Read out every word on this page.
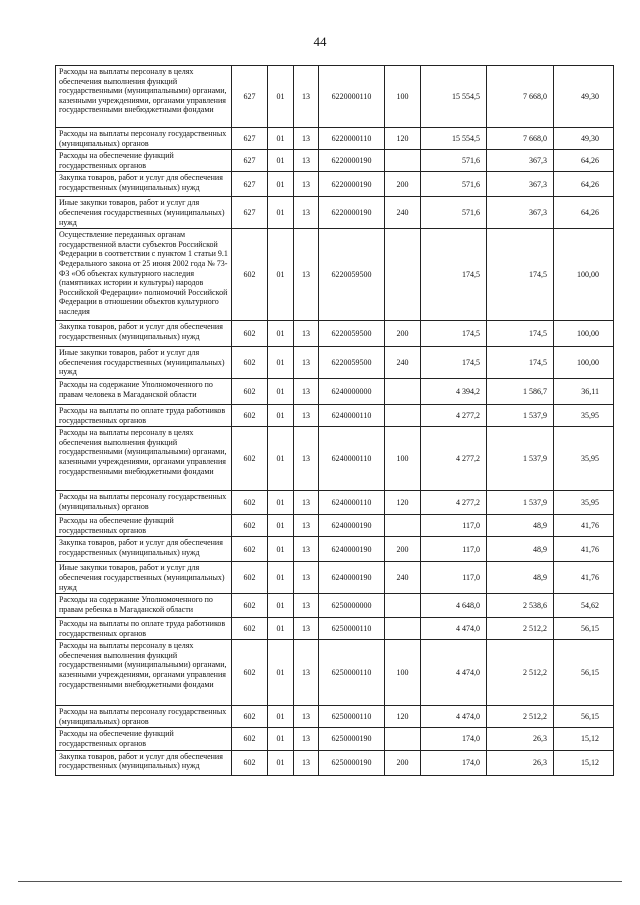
44
Расходы на выплаты персоналу в целях обеспечения выполнения функций государственными (муниципальными) органами, казенными учреждениями, органами управления государственными внебюджетными фондами	627	01	13	6220000110	100	15 554,5	7 668,0	49,30
Расходы на выплаты персоналу государственных (муниципальных) органов	627	01	13	6220000110	120	15 554,5	7 668,0	49,30
Расходы на обеспечение функций государственных органов	627	01	13	6220000190		571,6	367,3	64,26
Закупка товаров, работ и услуг для обеспечения государственных (муниципальных) нужд	627	01	13	6220000190	200	571,6	367,3	64,26
Иные закупки товаров, работ и услуг для обеспечения государственных (муниципальных) нужд	627	01	13	6220000190	240	571,6	367,3	64,26
Осуществление переданных органам государственной власти субъектов Российской Федерации в соответствии с пунктом 1 статьи 9.1 Федерального закона от 25 июня 2002 года № 73-ФЗ «Об объектах культурного наследия (памятниках истории и культуры) народов Российской Федерации» полномочий Российской Федерации в отношении объектов культурного наследия	602	01	13	6220059500		174,5	174,5	100,00
Закупка товаров, работ и услуг для обеспечения государственных (муниципальных) нужд	602	01	13	6220059500	200	174,5	174,5	100,00
Иные закупки товаров, работ и услуг для обеспечения государственных (муниципальных) нужд	602	01	13	6220059500	240	174,5	174,5	100,00
Расходы на содержание Уполномоченного по правам человека в Магаданской области	602	01	13	6240000000		4 394,2	1 586,7	36,11
Расходы на выплаты по оплате труда работников государственных органов	602	01	13	6240000110		4 277,2	1 537,9	35,95
Расходы на выплаты персоналу в целях обеспечения выполнения функций государственными (муниципальными) органами, казенными учреждениями, органами управления государственными внебюджетными фондами	602	01	13	6240000110	100	4 277,2	1 537,9	35,95
Расходы на выплаты персоналу государственных (муниципальных) органов	602	01	13	6240000110	120	4 277,2	1 537,9	35,95
Расходы на обеспечение функций государственных органов	602	01	13	6240000190		117,0	48,9	41,76
Закупка товаров, работ и услуг для обеспечения государственных (муниципальных) нужд	602	01	13	6240000190	200	117,0	48,9	41,76
Иные закупки товаров, работ и услуг для обеспечения государственных (муниципальных) нужд	602	01	13	6240000190	240	117,0	48,9	41,76
Расходы на содержание Уполномоченного по правам ребенка в Магаданской области	602	01	13	6250000000		4 648,0	2 538,6	54,62
Расходы на выплаты по оплате труда работников государственных органов	602	01	13	6250000110		4 474,0	2 512,2	56,15
Расходы на выплаты персоналу в целях обеспечения выполнения функций государственными (муниципальными) органами, казенными учреждениями, органами управления государственными внебюджетными фондами	602	01	13	6250000110	100	4 474,0	2 512,2	56,15
Расходы на выплаты персоналу государственных (муниципальных) органов	602	01	13	6250000110	120	4 474,0	2 512,2	56,15
Расходы на обеспечение функций государственных органов	602	01	13	6250000190		174,0	26,3	15,12
Закупка товаров, работ и услуг для обеспечения государственных (муниципальных) нужд	602	01	13	6250000190	200	174,0	26,3	15,12
